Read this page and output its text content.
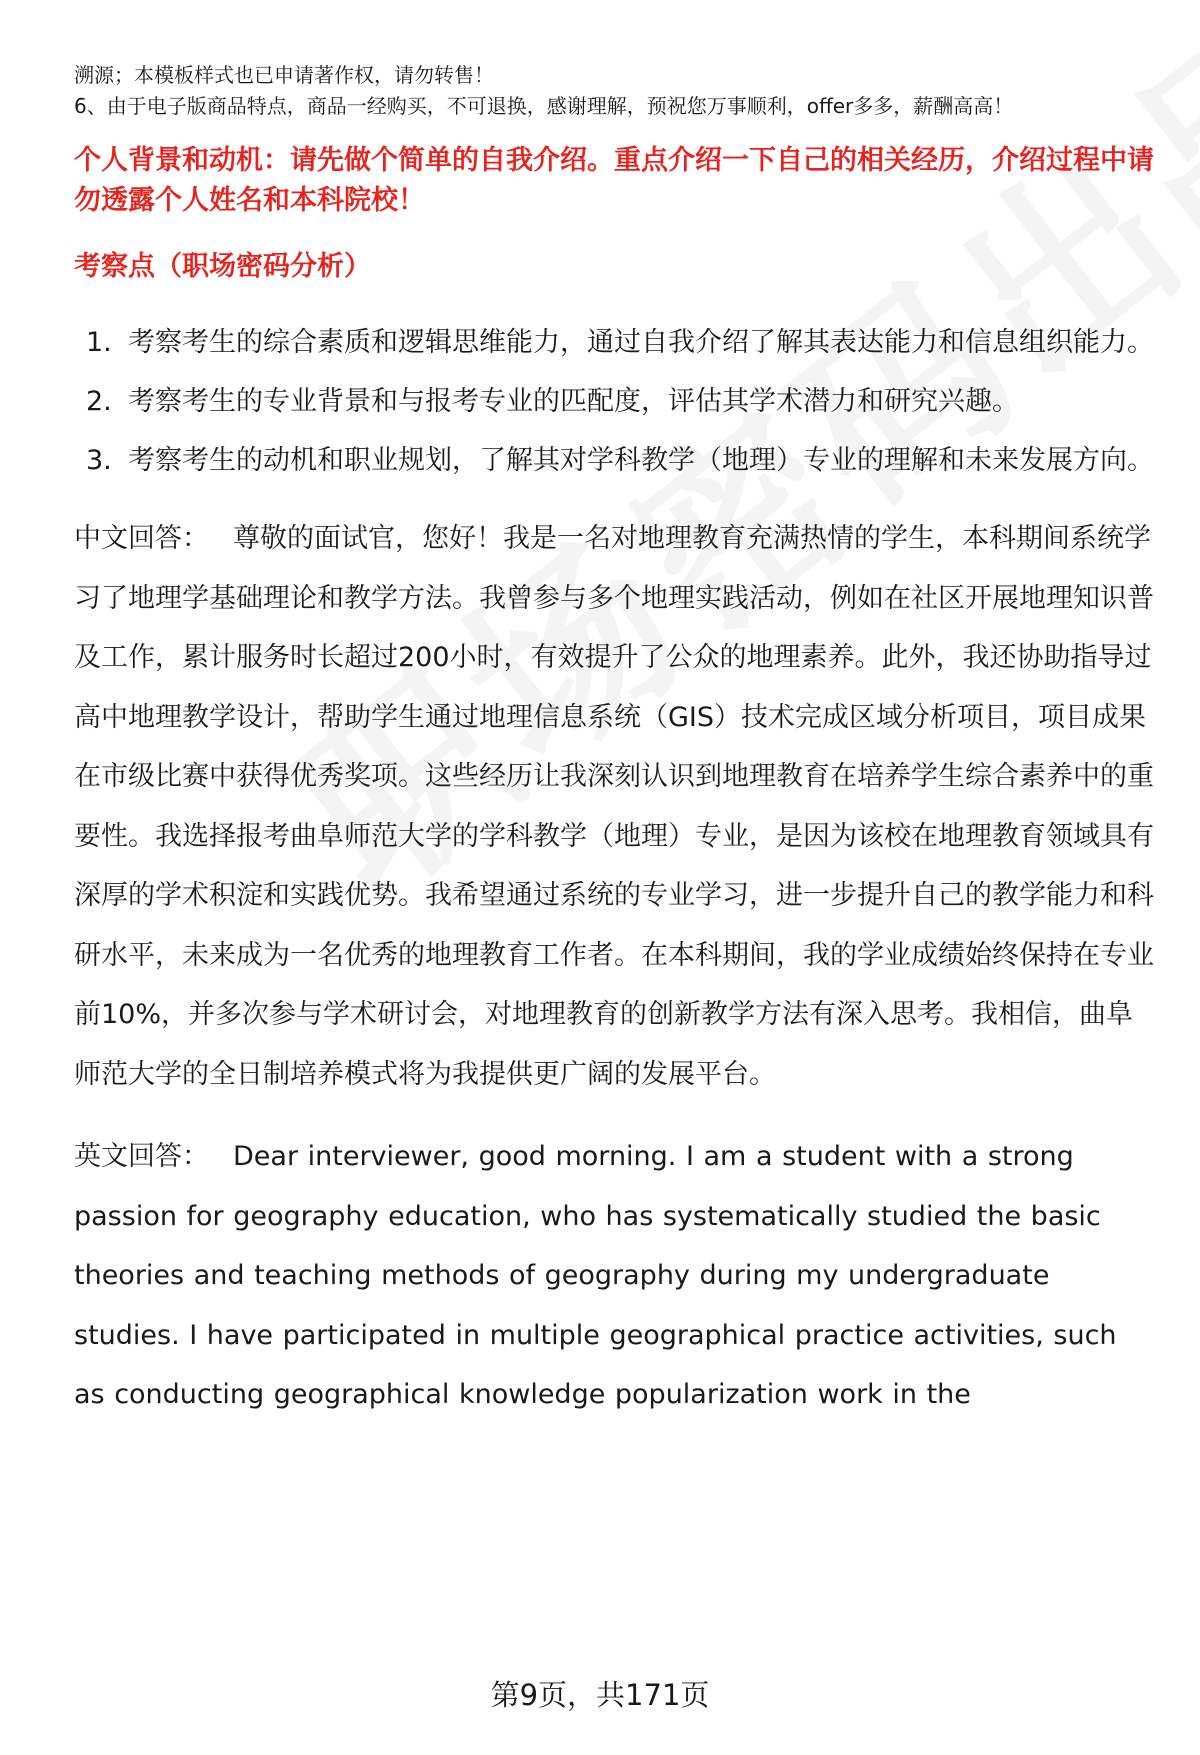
溯源；本模板样式也已申请著作权，请勿转售！

6、由于电子版商品特点，商品一经购买，不可退换，感谢理解，预祝您万事顺利，offer多多，薪酬高高！

个人背景和动机：请先做个简单的自我介绍。重点介绍一下自己的相关经历，介绍过程中请勿透露个人姓名和本科院校！

考察点（职场密码分析）

1. 考察考生的综合素质和逻辑思维能力，通过自我介绍了解其表达能力和信息组织能力。
2. 考察考生的专业背景和与报考专业的匹配度，评估其学术潜力和研究兴趣。
3. 考察考生的动机和职业规划，了解其对学科教学（地理）专业的理解和未来发展方向。

中文回答： 尊敬的面试官，您好！我是一名对地理教育充满热情的学生，本科期间系统学习了地理学基础理论和教学方法。我曾参与多个地理实践活动，例如在社区开展地理知识普及工作，累计服务时长超过200小时，有效提升了公众的地理素养。此外，我还协助指导过高中地理教学设计，帮助学生通过地理信息系统（GIS）技术完成区域分析项目，项目成果在市级比赛中获得优秀奖项。这些经历让我深刻认识到地理教育在培养学生综合素养中的重要性。我选择报考曲阜师范大学的学科教学（地理）专业，是因为该校在地理教育领域具有深厚的学术积淀和实践优势。我希望通过系统的专业学习，进一步提升自己的教学能力和科研水平，未来成为一名优秀的地理教育工作者。在本科期间，我的学业成绩始终保持在专业前10%，并多次参与学术研讨会，对地理教育的创新教学方法有深入思考。我相信，曲阜师范大学的全日制培养模式将为我提供更广阔的发展平台。

英文回答： Dear interviewer, good morning. I am a student with a strong passion for geography education, who has systematically studied the basic theories and teaching methods of geography during my undergraduate studies. I have participated in multiple geographical practice activities, such as conducting geographical knowledge popularization work in the

第9页，共171页
